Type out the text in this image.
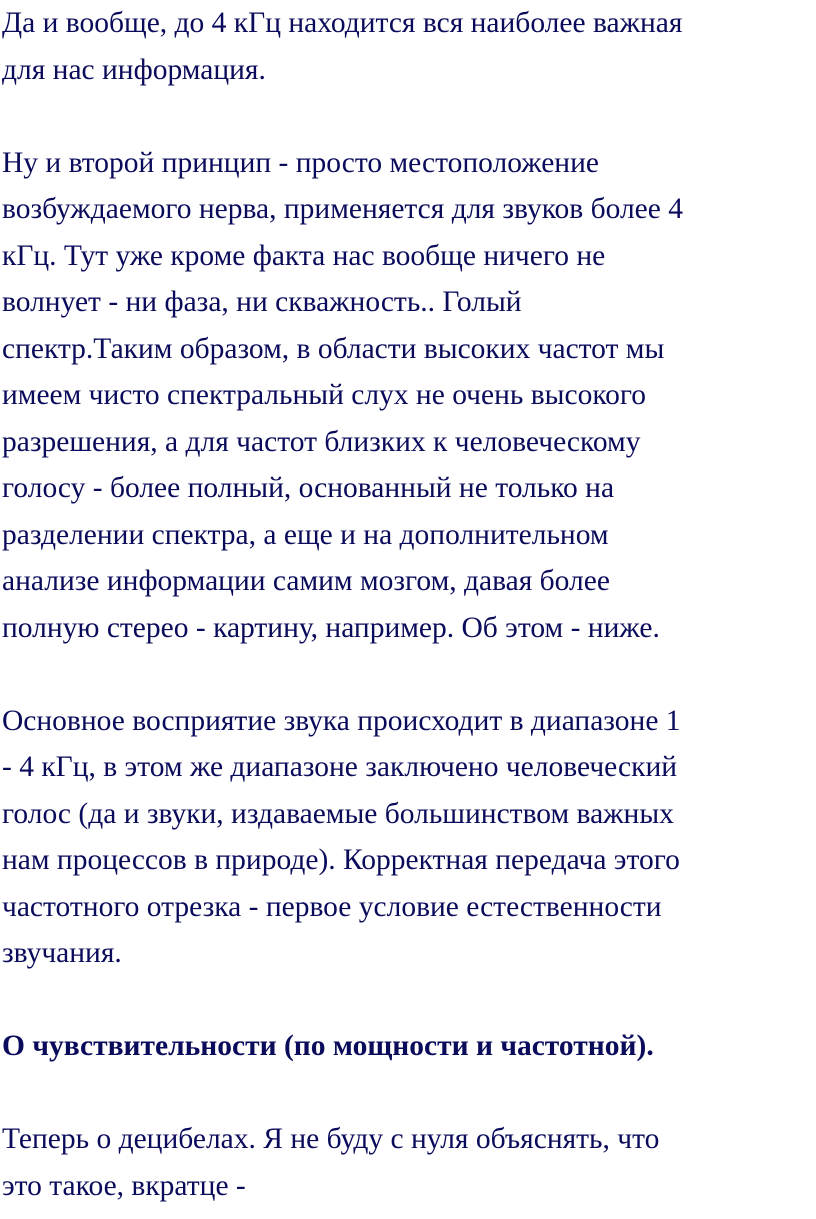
Да и вообще, до 4 кГц находится вся наиболее важная
для нас информация.
Ну и второй принцип - просто местоположение
возбуждаемого нерва, применяется для звуков более 4
кГц. Тут уже кроме факта нас вообще ничего не
волнует - ни фаза, ни скважность.. Голый
спектр.Таким образом, в области высоких частот мы
имеем чисто спектральный слух не очень высокого
разрешения, а для частот близких к человеческому
голосу - более полный, основанный не только на
разделении спектра, а еще и на дополнительном
анализе информации самим мозгом, давая более
полную стерео - картину, например. Об этом - ниже.
Основное восприятие звука происходит в диапазоне 1
- 4 кГц, в этом же диапазоне заключено человеческий
голос (да и звуки, издаваемые большинством важных
нам процессов в природе). Корректная передача этого
частотного отрезка - первое условие естественности
звучания.
О чувствительности (по мощности и частотной).
Теперь о децибелах. Я не буду с нуля объяснять, что
это такое, вкратце -
